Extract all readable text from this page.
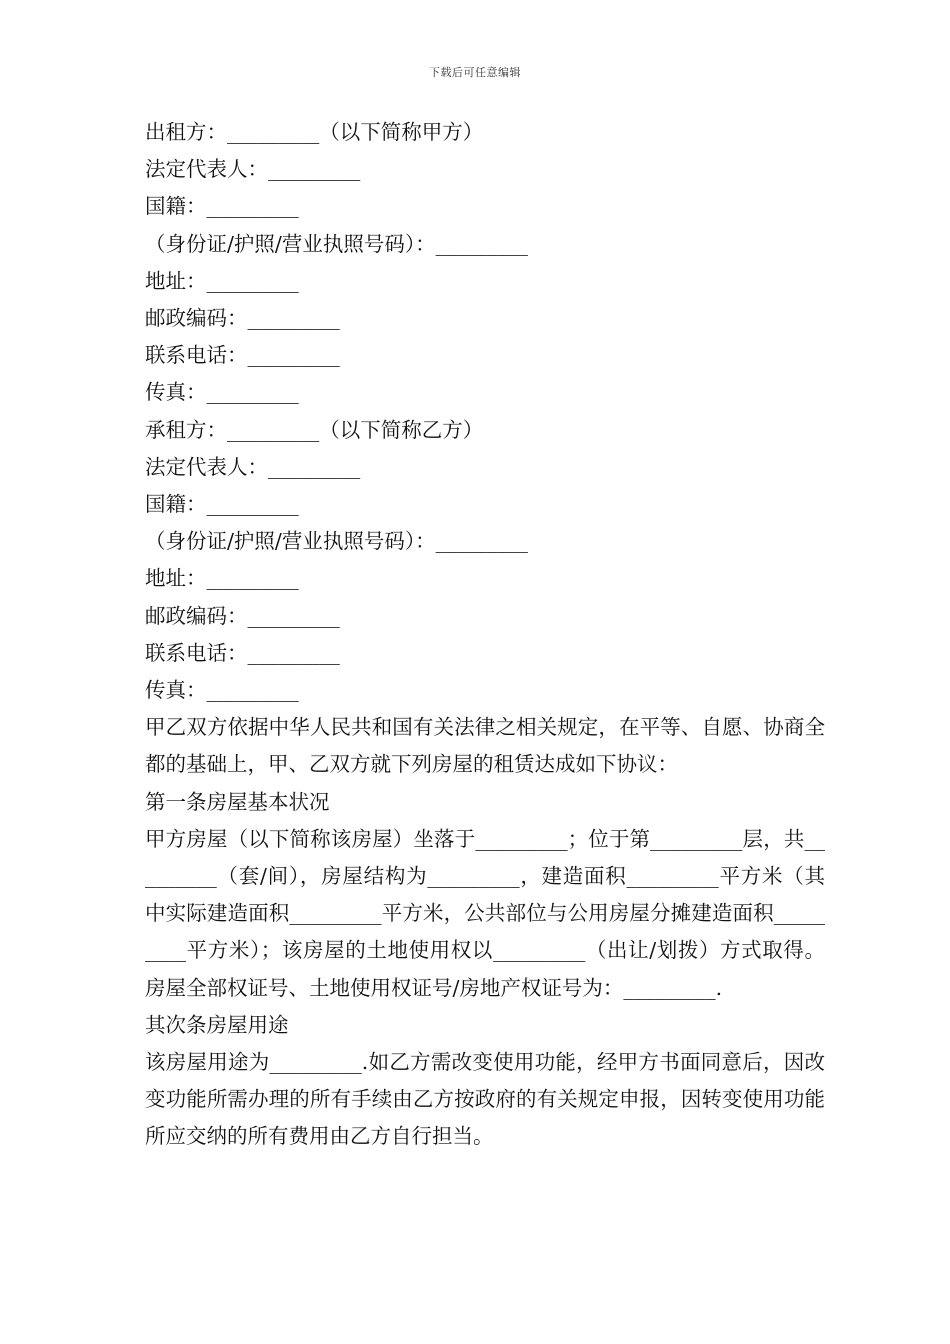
下载后可任意编辑
出租方：_________（以下简称甲方）
法定代表人：_________
国籍：_________
（身份证/护照/营业执照号码）：_________
地址：_________
邮政编码：_________
联系电话：_________
传真：_________
承租方：_________（以下简称乙方）
法定代表人：_________
国籍：_________
（身份证/护照/营业执照号码）：_________
地址：_________
邮政编码：_________
联系电话：_________
传真：_________
甲乙双方依据中华人民共和国有关法律之相关规定，在平等、自愿、协商全都的基础上，甲、乙双方就下列房屋的租赁达成如下协议：
第一条房屋基本状况
甲方房屋（以下简称该房屋）坐落于_________；位于第_________层，共_________（套/间），房屋结构为_________，建造面积_________平方米（其中实际建造面积_________平方米，公共部位与公用房屋分摊建造面积_________平方米）；该房屋的土地使用权以_________（出让/划拨）方式取得。房屋全部权证号、土地使用权证号/房地产权证号为：_________.
其次条房屋用途
该房屋用途为_________.如乙方需改变使用功能，经甲方书面同意后，因改变功能所需办理的所有手续由乙方按政府的有关规定申报，因转变使用功能所应交纳的所有费用由乙方自行担当。
